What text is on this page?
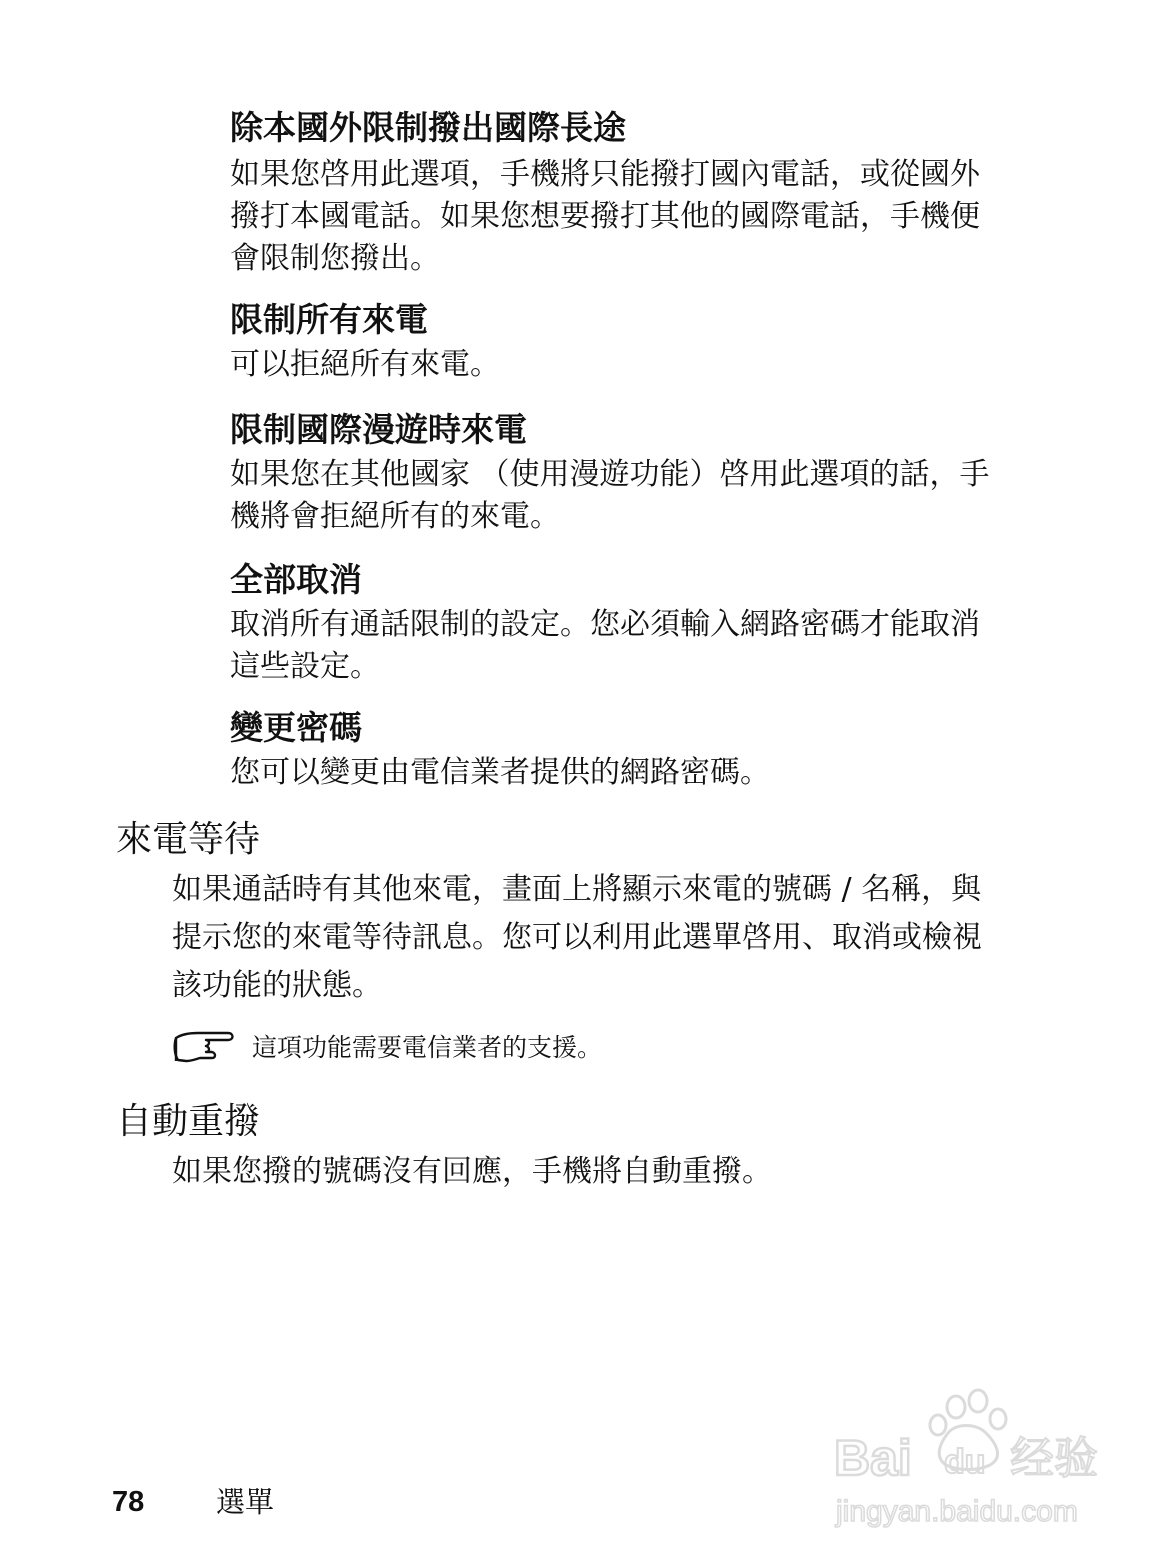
除本國外限制撥出國際長途
如果您啓用此選項，手機將只能撥打國內電話，或從國外
撥打本國電話。如果您想要撥打其他的國際電話，手機便
會限制您撥出。
限制所有來電
可以拒絕所有來電。
限制國際漫遊時來電
如果您在其他國家 （使用漫遊功能）啓用此選項的話，手
機將會拒絕所有的來電。
全部取消
取消所有通話限制的設定。您必須輸入網路密碼才能取消
這些設定。
變更密碼
您可以變更由電信業者提供的網路密碼。
來電等待
如果通話時有其他來電，畫面上將顯示來電的號碼 / 名稱，與
提示您的來電等待訊息。您可以利用此選單啓用、取消或檢視
該功能的狀態。
這項功能需要電信業者的支援。
自動重撥
如果您撥的號碼沒有回應，手機將自動重撥。
78 選單
Bai du 经验
jingyan.baidu.com
